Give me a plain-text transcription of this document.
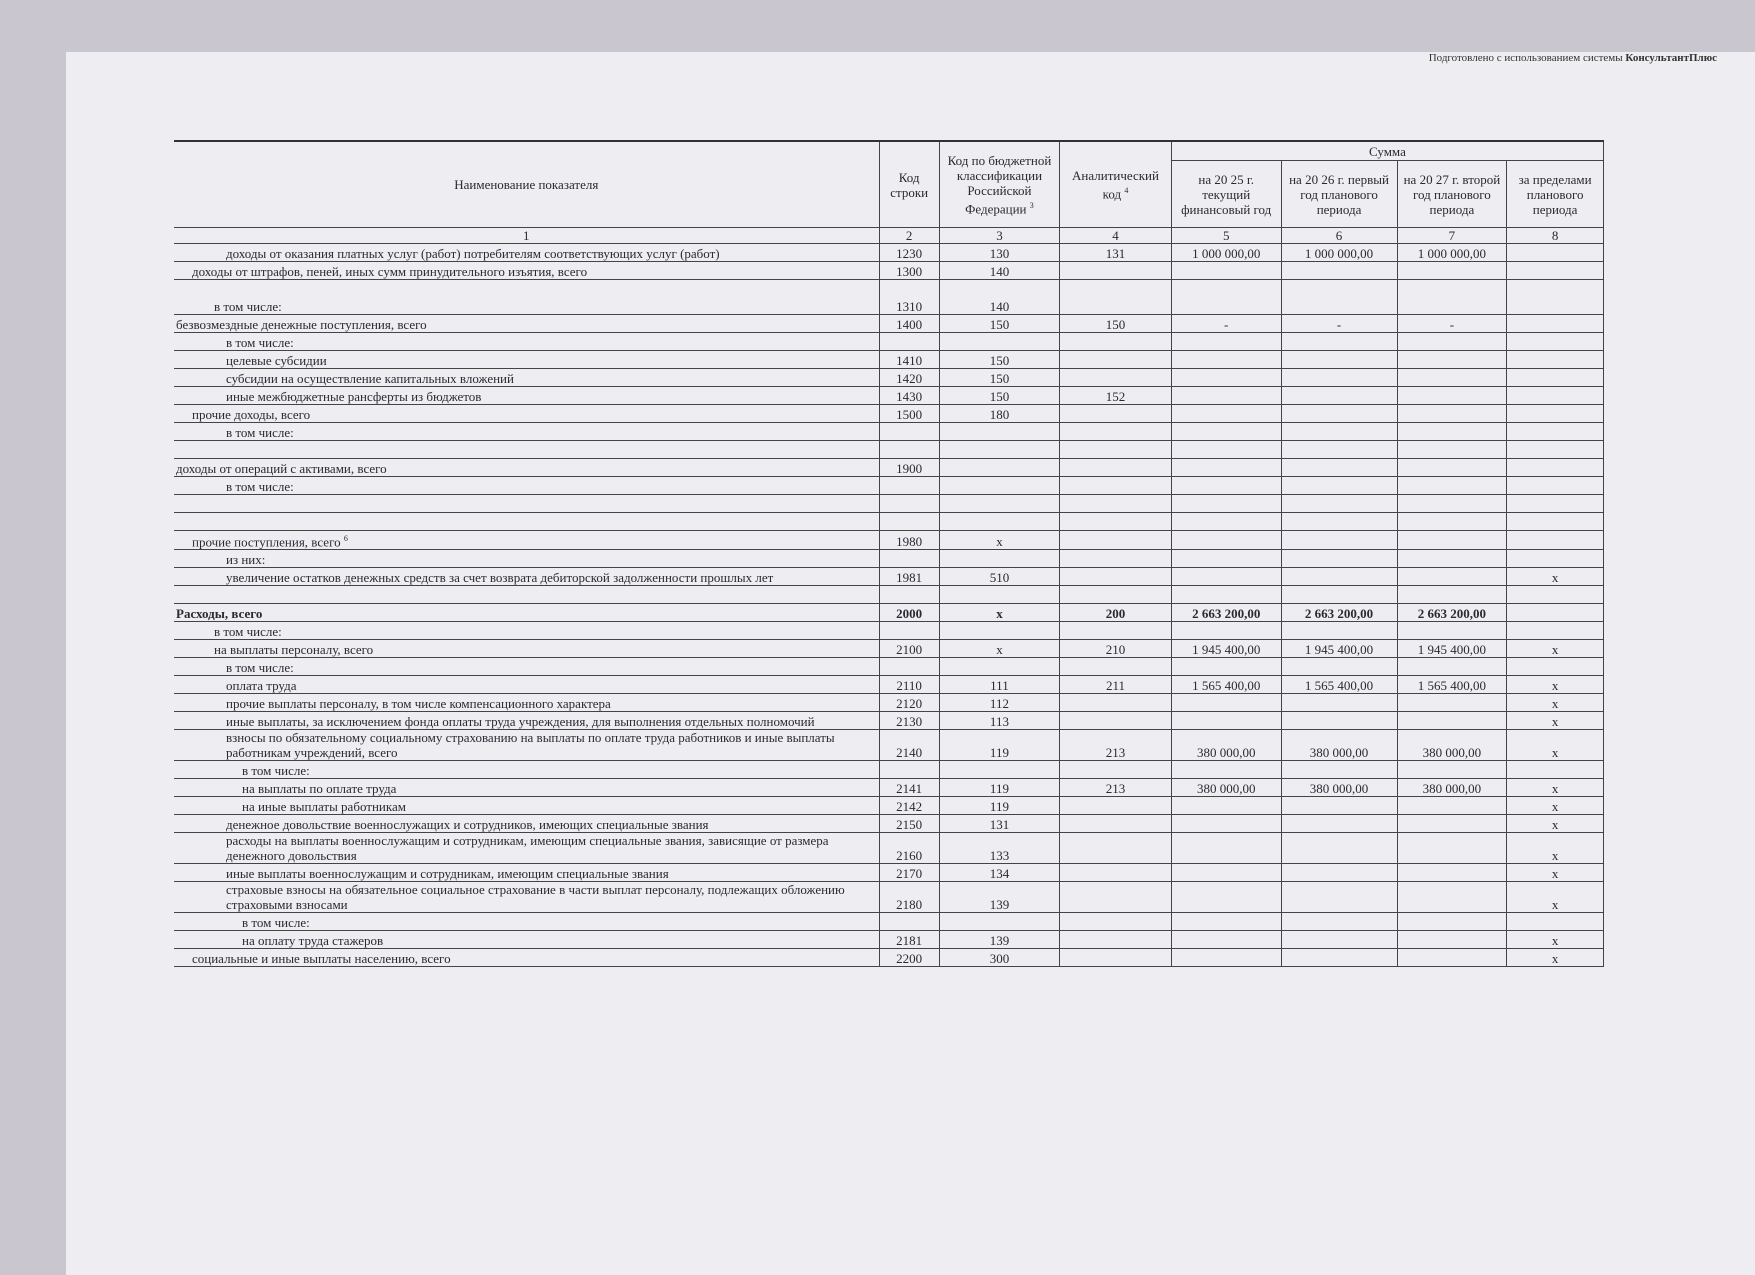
Подготовлено с использованием системы КонсультантПлюс
Наименование показателя	Код строки	Код по бюджетной классификации Российской Федерации $^3$	Аналитический код $^4$	Сумма			
				на 20 25 г. текущий финансовый год	на 20 26 г. первый год планового периода	на 20 27 г. второй год планового периода	за пределами планового периода
1	2	3	4	5	6	7	8
доходы от оказания платных услуг (работ) потребителям соответствующих услуг (работ)	1230	130	131	1 000 000,00	1 000 000,00	1 000 000,00	
доходы от штрафов, пеней, иных сумм принудительного изъятия, всего	1300	140					
в том числе:	1310	140					
безвозмездные денежные поступления, всего	1400	150	150	-	-	-	
в том числе:							
целевые субсидии	1410	150					
субсидии на осуществление капитальных вложений	1420	150					
иные межбюджетные рансферты из бюджетов	1430	150	152				
прочие доходы, всего	1500	180					
в том числе:							

доходы от операций с активами, всего	1900						
в том числе:							

прочие поступления, всего $^6$	1980	x					
из них:							
увеличение остатков денежных средств за счет возврата дебиторской задолженности прошлых лет	1981	510					x

Расходы, всего	2000	x	200	2 663 200,00	2 663 200,00	2 663 200,00	
в том числе:							
на выплаты персоналу, всего	2100	x	210	1 945 400,00	1 945 400,00	1 945 400,00	x
в том числе:							
оплата труда	2110	111	211	1 565 400,00	1 565 400,00	1 565 400,00	x
прочие выплаты персоналу, в том числе компенсационного характера	2120	112					x
иные выплаты, за исключением фонда оплаты труда учреждения, для выполнения отдельных полномочий	2130	113					x
взносы по обязательному социальному страхованию на выплаты по оплате труда работников и иные выплаты работникам учреждений, всего	2140	119	213	380 000,00	380 000,00	380 000,00	x
в том числе:							
на выплаты по оплате труда	2141	119	213	380 000,00	380 000,00	380 000,00	x
на иные выплаты работникам	2142	119					x
денежное довольствие военнослужащих и сотрудников, имеющих специальные звания	2150	131					x
расходы на выплаты военнослужащим и сотрудникам, имеющим специальные звания, зависящие от размера денежного довольствия	2160	133					x
иные выплаты военнослужащим и сотрудникам, имеющим специальные звания	2170	134					x
страховые взносы на обязательное социальное страхование в части выплат персоналу, подлежащих обложению страховыми взносами	2180	139					x
в том числе:							
на оплату труда стажеров	2181	139					x
социальные и иные выплаты населению, всего	2200	300					x
